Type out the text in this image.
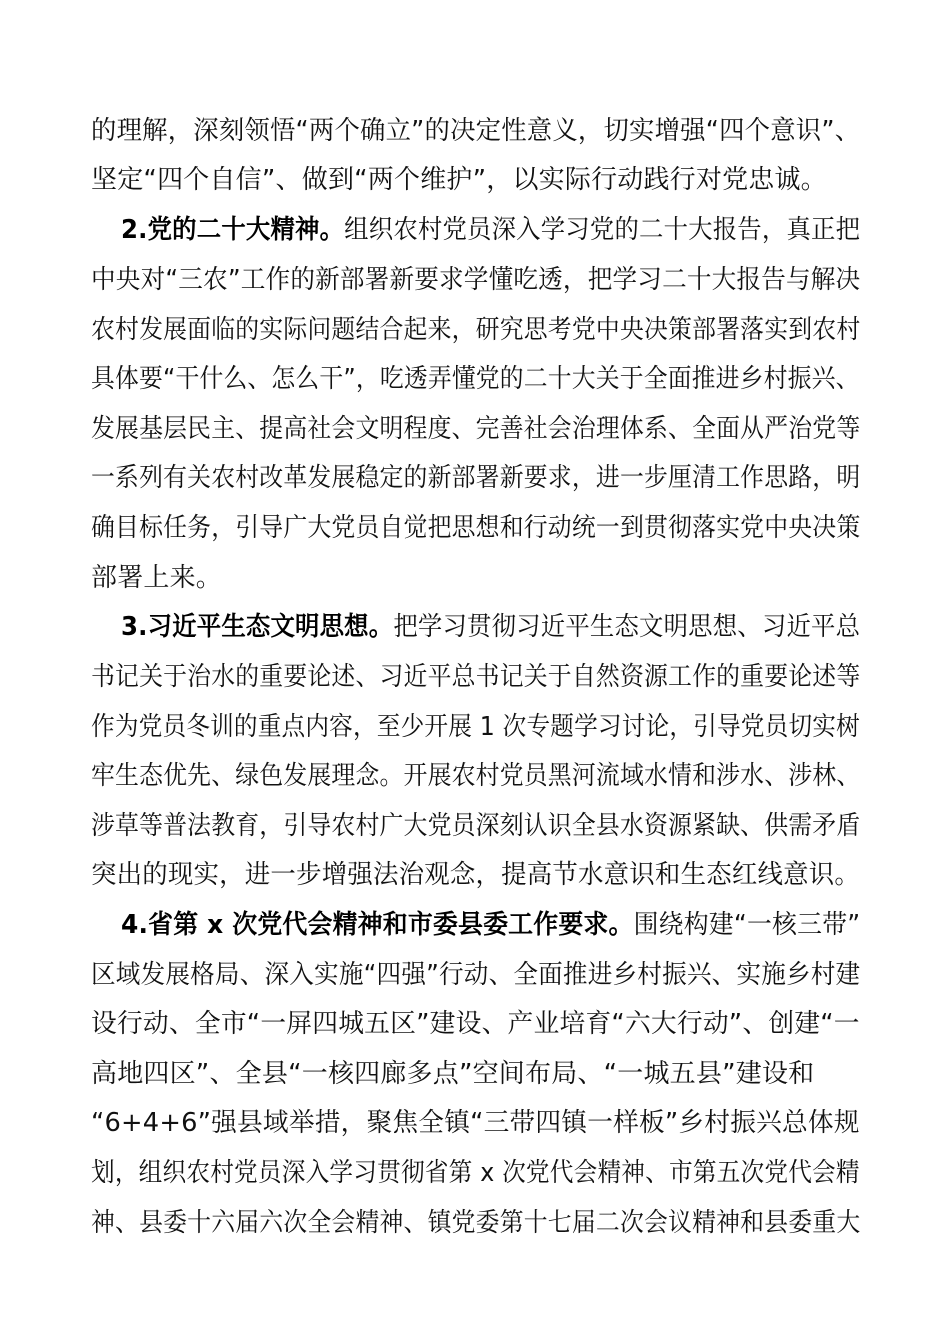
的理解，深刻领悟“两个确立”的决定性意义，切实增强“四个意识”、
坚定“四个自信”、做到“两个维护”，以实际行动践行对党忠诚。
2.党的二十大精神。组织农村党员深入学习党的二十大报告，真正把
中央对“三农”工作的新部署新要求学懂吃透，把学习二十大报告与解决
农村发展面临的实际问题结合起来，研究思考党中央决策部署落实到农村
具体要“干什么、怎么干”，吃透弄懂党的二十大关于全面推进乡村振兴、
发展基层民主、提高社会文明程度、完善社会治理体系、全面从严治党等
一系列有关农村改革发展稳定的新部署新要求，进一步厘清工作思路，明
确目标任务，引导广大党员自觉把思想和行动统一到贯彻落实党中央决策
部署上来。
3.习近平生态文明思想。把学习贯彻习近平生态文明思想、习近平总
书记关于治水的重要论述、习近平总书记关于自然资源工作的重要论述等
作为党员冬训的重点内容，至少开展 1 次专题学习讨论，引导党员切实树
牢生态优先、绿色发展理念。开展农村党员黑河流域水情和涉水、涉林、
涉草等普法教育，引导农村广大党员深刻认识全县水资源紧缺、供需矛盾
突出的现实，进一步增强法治观念，提高节水意识和生态红线意识。
4.省第 x 次党代会精神和市委县委工作要求。围绕构建“一核三带”
区域发展格局、深入实施“四强”行动、全面推进乡村振兴、实施乡村建
设行动、全市“一屏四城五区”建设、产业培育“六大行动”、创建“一
高地四区”、全县“一核四廊多点”空间布局、“一城五县”建设和
“6+4+6”强县域举措，聚焦全镇“三带四镇一样板”乡村振兴总体规
划，组织农村党员深入学习贯彻省第 x 次党代会精神、市第五次党代会精
神、县委十六届六次全会精神、镇党委第十七届二次会议精神和县委重大
